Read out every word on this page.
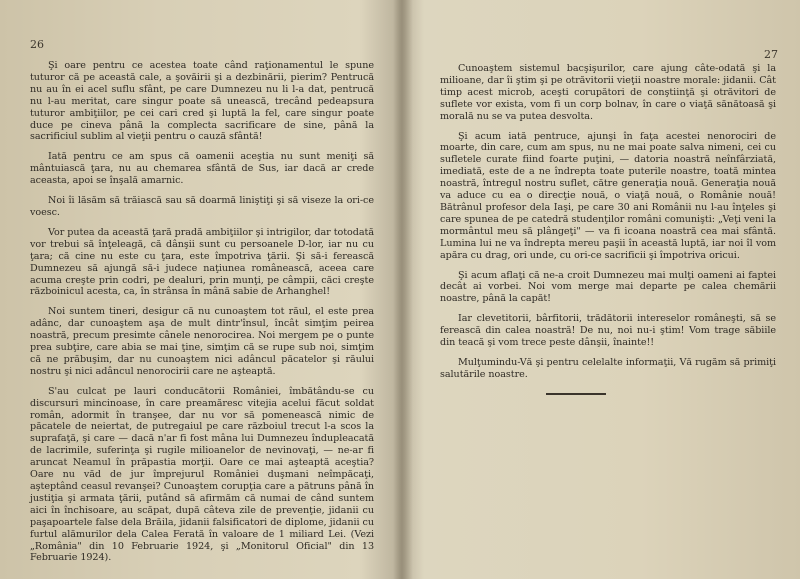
26

Şi oare pentru ce acestea toate când raţionamentul le spune tuturor că pe această cale, a şovăirii şi a dezbinării, pierim? Pentrucă nu au în ei acel suflu sfânt, pe care Dumnezeu nu li l-a dat, pentrucă nu l-au meritat, care singur poate să unească, trecând pedeapsura tuturor ambiţiilor, pe cei cari cred şi luptă la fel, care singur poate duce pe cineva până la complecta sacrificare de sine, până la sacrificiul sublim al vieţii pentru o cauză sfântă!

Iată pentru ce am spus că oamenii aceştia nu sunt meniţi să mântuiască ţara, nu au chemarea sfântă de Sus, iar dacă ar crede aceasta, apoi se înşală amarnic.

Noi îi lăsăm să trăiască sau să doarmă liniştiţi şi să viseze la ori-ce voesc.

Vor putea da această ţară pradă ambiţiilor şi intrigilor, dar totodată vor trebui să înţeleagă, că dânşii sunt cu persoanele D-lor, iar nu cu ţara; că cine nu este cu ţara, este împotriva ţării. Şi să-i ferească Dumnezeu să ajungă să-i judece naţiunea românească, aceea care acuma creşte prin codri, pe dealuri, prin munţi, pe câmpii, căci creşte războinicul acesta, ca, în strânsa în mână sabie de Arhanghel!

Noi suntem tineri, desigur că nu cunoaştem tot răul, el este prea adânc, dar cunoaştem aşa de mult dintr'însul, încât simţim peirea noastră, precum presimte cânele nenorocirea. Noi mergem pe o punte prea subţire, care abia se mai ţine, simţim că se rupe sub noi, simţim că ne prăbuşim, dar nu cunoaştem nici adâncul păcatelor şi răului nostru şi nici adâncul nenorocirii care ne aşteaptă.

S'au culcat pe lauri conducătorii României, îmbătându-se cu discursuri mincinoase, în care preamăresc vitejia acelui făcut soldat român, adormit în tranşee, dar nu vor să pomenească nimic de păcatele de neiertat, de putregaiul pe care războiul trecut l-a scos la suprafaţă, şi care — dacă n'ar fi fost mâna lui Dumnezeu îndupleacată de lacrimile, suferinţa şi rugile milioanelor de nevinovaţi, — ne-ar fi aruncat Neamul în prăpastia morţii. Oare ce mai aşteaptă aceştia? Oare nu văd de jur împrejurul României duşmani neîmpăcaţi, aşteptând ceasul revanşei? Cunoaştem corupţia care a pătruns până în justiţia şi armata ţării, putând să afirmăm că numai de când suntem aici în închisoare, au scăpat, după câteva zile de prevenţie, jidanii cu paşapoartele false dela Brăila, jidanii falsificatori de diplome, jidanii cu furtul alămurilor dela Calea Ferată în valoare de 1 miliard Lei. (Vezi „România" din 10 Februarie 1924, şi „Monitorul Oficial" din 13 Februarie 1924).

27

Cunoaştem sistemul bacşişurilor, care ajung câte-odată şi la milioane, dar îi ştim şi pe otrăvitorii vieţii noastre morale: jidanii. Cât timp acest microb, aceşti corupători de conştiinţă şi otrăvitori de suflete vor exista, vom fi un corp bolnav, în care o viaţă sănătoasă şi morală nu se va putea desvolta.

Şi acum iată pentruce, ajunşi în faţa acestei nenorociri de moarte, din care, cum am spus, nu ne mai poate salva nimeni, cei cu sufletele curate fiind foarte puţini, — datoria noastră neînfârziată, imediată, este de a ne îndrepta toate puterile noastre, toată mintea noastră, întregul nostru suflet, către generaţia nouă. Generaţia nouă va aduce cu ea o direcţie nouă, o viaţă nouă, o Românie nouă! Bătrânul profesor dela Iaşi, pe care 30 ani Românii nu l-au înţeles şi care spunea de pe catedră studenţilor români comunişti: „Veţi veni la mormântul meu să plângeţi" — va fi icoana noastră cea mai sfântă. Lumina lui ne va îndrepta mereu paşii în această luptă, iar noi îl vom apăra cu drag, ori unde, cu ori-ce sacrificii şi împotriva oricui.

Şi acum aflaţi că ne-a croit Dumnezeu mai mulţi oameni ai faptei decât ai vorbei. Noi vom merge mai departe pe calea chemării noastre, până la capăt!

Iar clevetitorii, bârfitorii, trădătorii intereselor româneşti, să se ferească din calea noastră! De nu, noi nu-i ştim! Vom trage săbiile din teacă şi vom trece peste dânşii, înainte!!

Mulţumindu-Vă şi pentru celelalte informaţii, Vă rugăm să primiţi salutările noastre.
